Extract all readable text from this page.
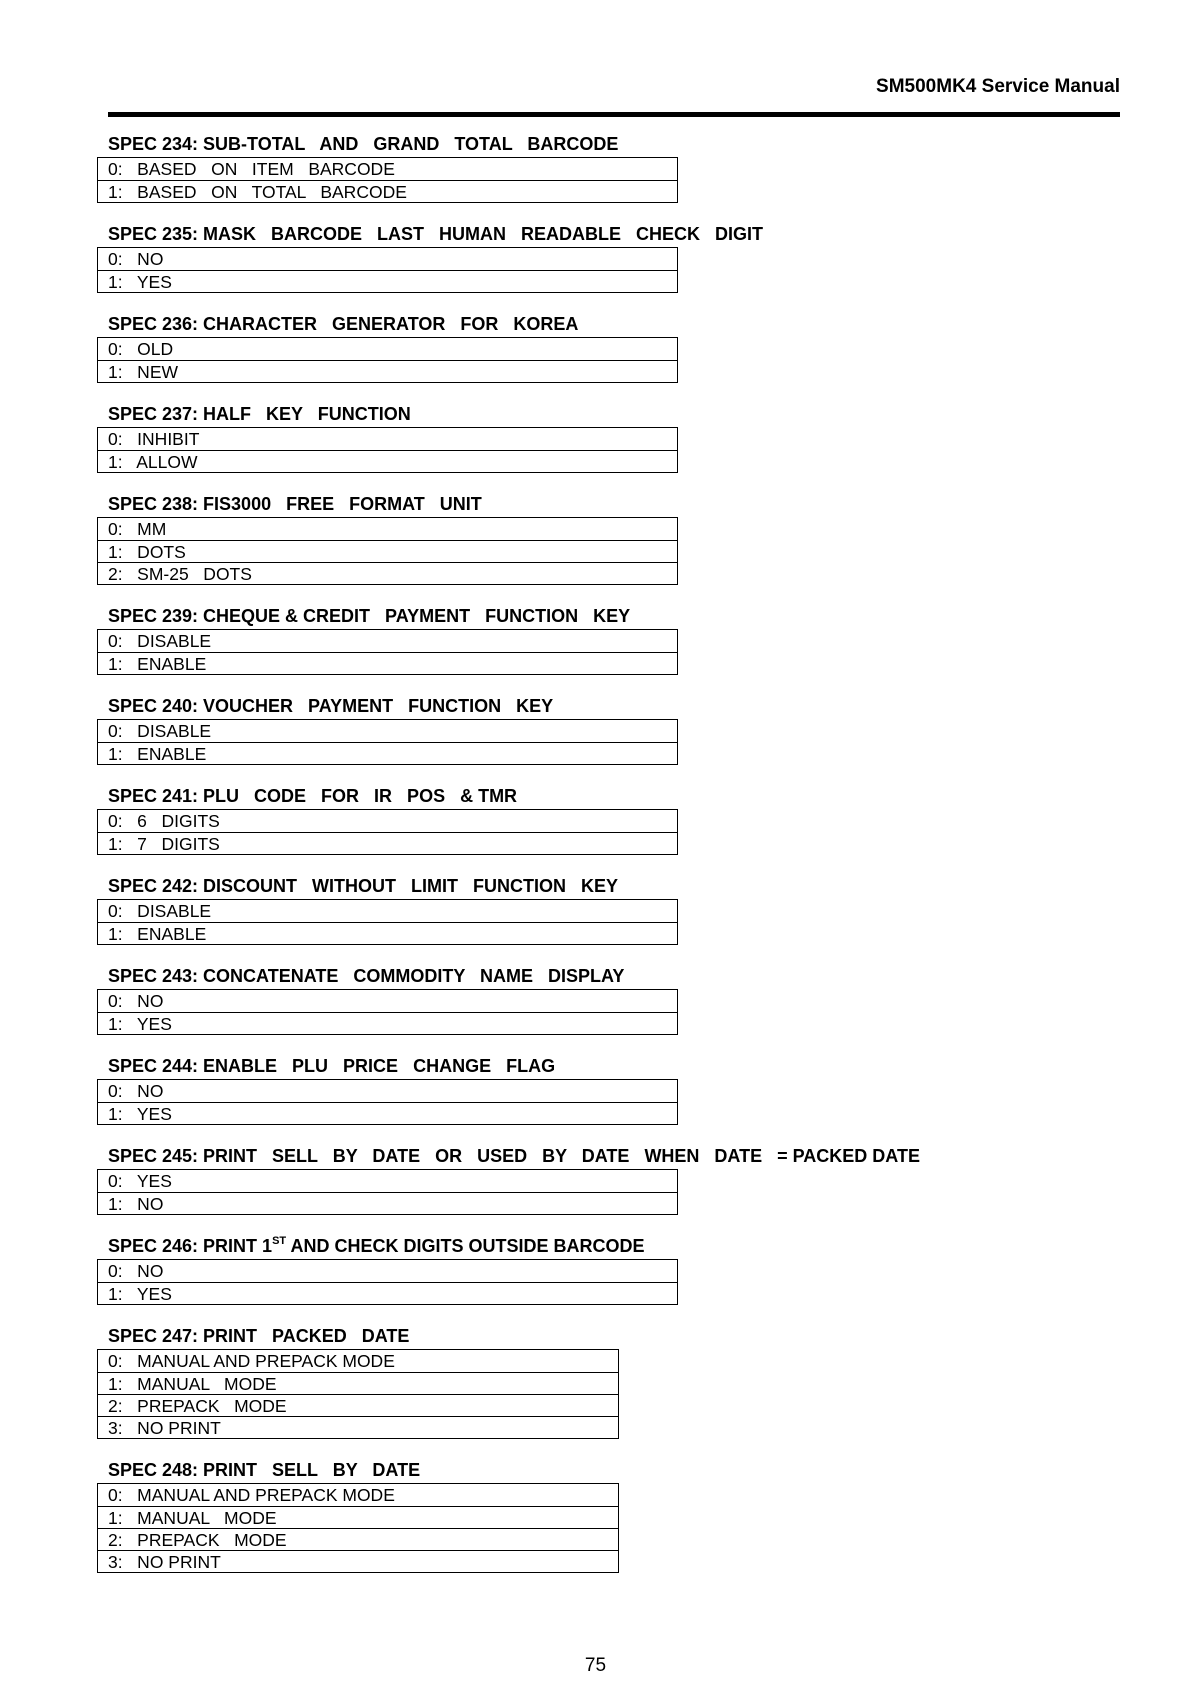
SM500MK4 Service Manual
SPEC 234: SUB-TOTAL   AND   GRAND   TOTAL   BARCODE
0:   BASED   ON   ITEM   BARCODE
1:   BASED   ON   TOTAL   BARCODE
SPEC 235: MASK   BARCODE   LAST   HUMAN   READABLE   CHECK   DIGIT
0:   NO
1:   YES
SPEC 236: CHARACTER   GENERATOR   FOR   KOREA
0:   OLD
1:   NEW
SPEC 237: HALF   KEY   FUNCTION
0:   INHIBIT
1:   ALLOW
SPEC 238: FIS3000   FREE   FORMAT   UNIT
0:   MM
1:   DOTS
2:   SM-25   DOTS
SPEC 239: CHEQUE & CREDIT   PAYMENT   FUNCTION   KEY
0:   DISABLE
1:   ENABLE
SPEC 240: VOUCHER   PAYMENT   FUNCTION   KEY
0:   DISABLE
1:   ENABLE
SPEC 241: PLU   CODE   FOR   IR   POS   & TMR
0:   6   DIGITS
1:   7   DIGITS
SPEC 242: DISCOUNT   WITHOUT   LIMIT   FUNCTION   KEY
0:   DISABLE
1:   ENABLE
SPEC 243: CONCATENATE   COMMODITY   NAME   DISPLAY
0:   NO
1:   YES
SPEC 244: ENABLE   PLU   PRICE   CHANGE   FLAG
0:   NO
1:   YES
SPEC 245: PRINT   SELL   BY   DATE   OR   USED   BY   DATE   WHEN   DATE   = PACKED DATE
0:   YES
1:   NO
SPEC 246: PRINT 1ST AND CHECK DIGITS OUTSIDE BARCODE
0:   NO
1:   YES
SPEC 247: PRINT   PACKED   DATE
0:   MANUAL AND PREPACK MODE
1:   MANUAL   MODE
2:   PREPACK   MODE
3:   NO PRINT
SPEC 248: PRINT   SELL   BY   DATE
0:   MANUAL AND PREPACK MODE
1:   MANUAL   MODE
2:   PREPACK   MODE
3:   NO PRINT
75
